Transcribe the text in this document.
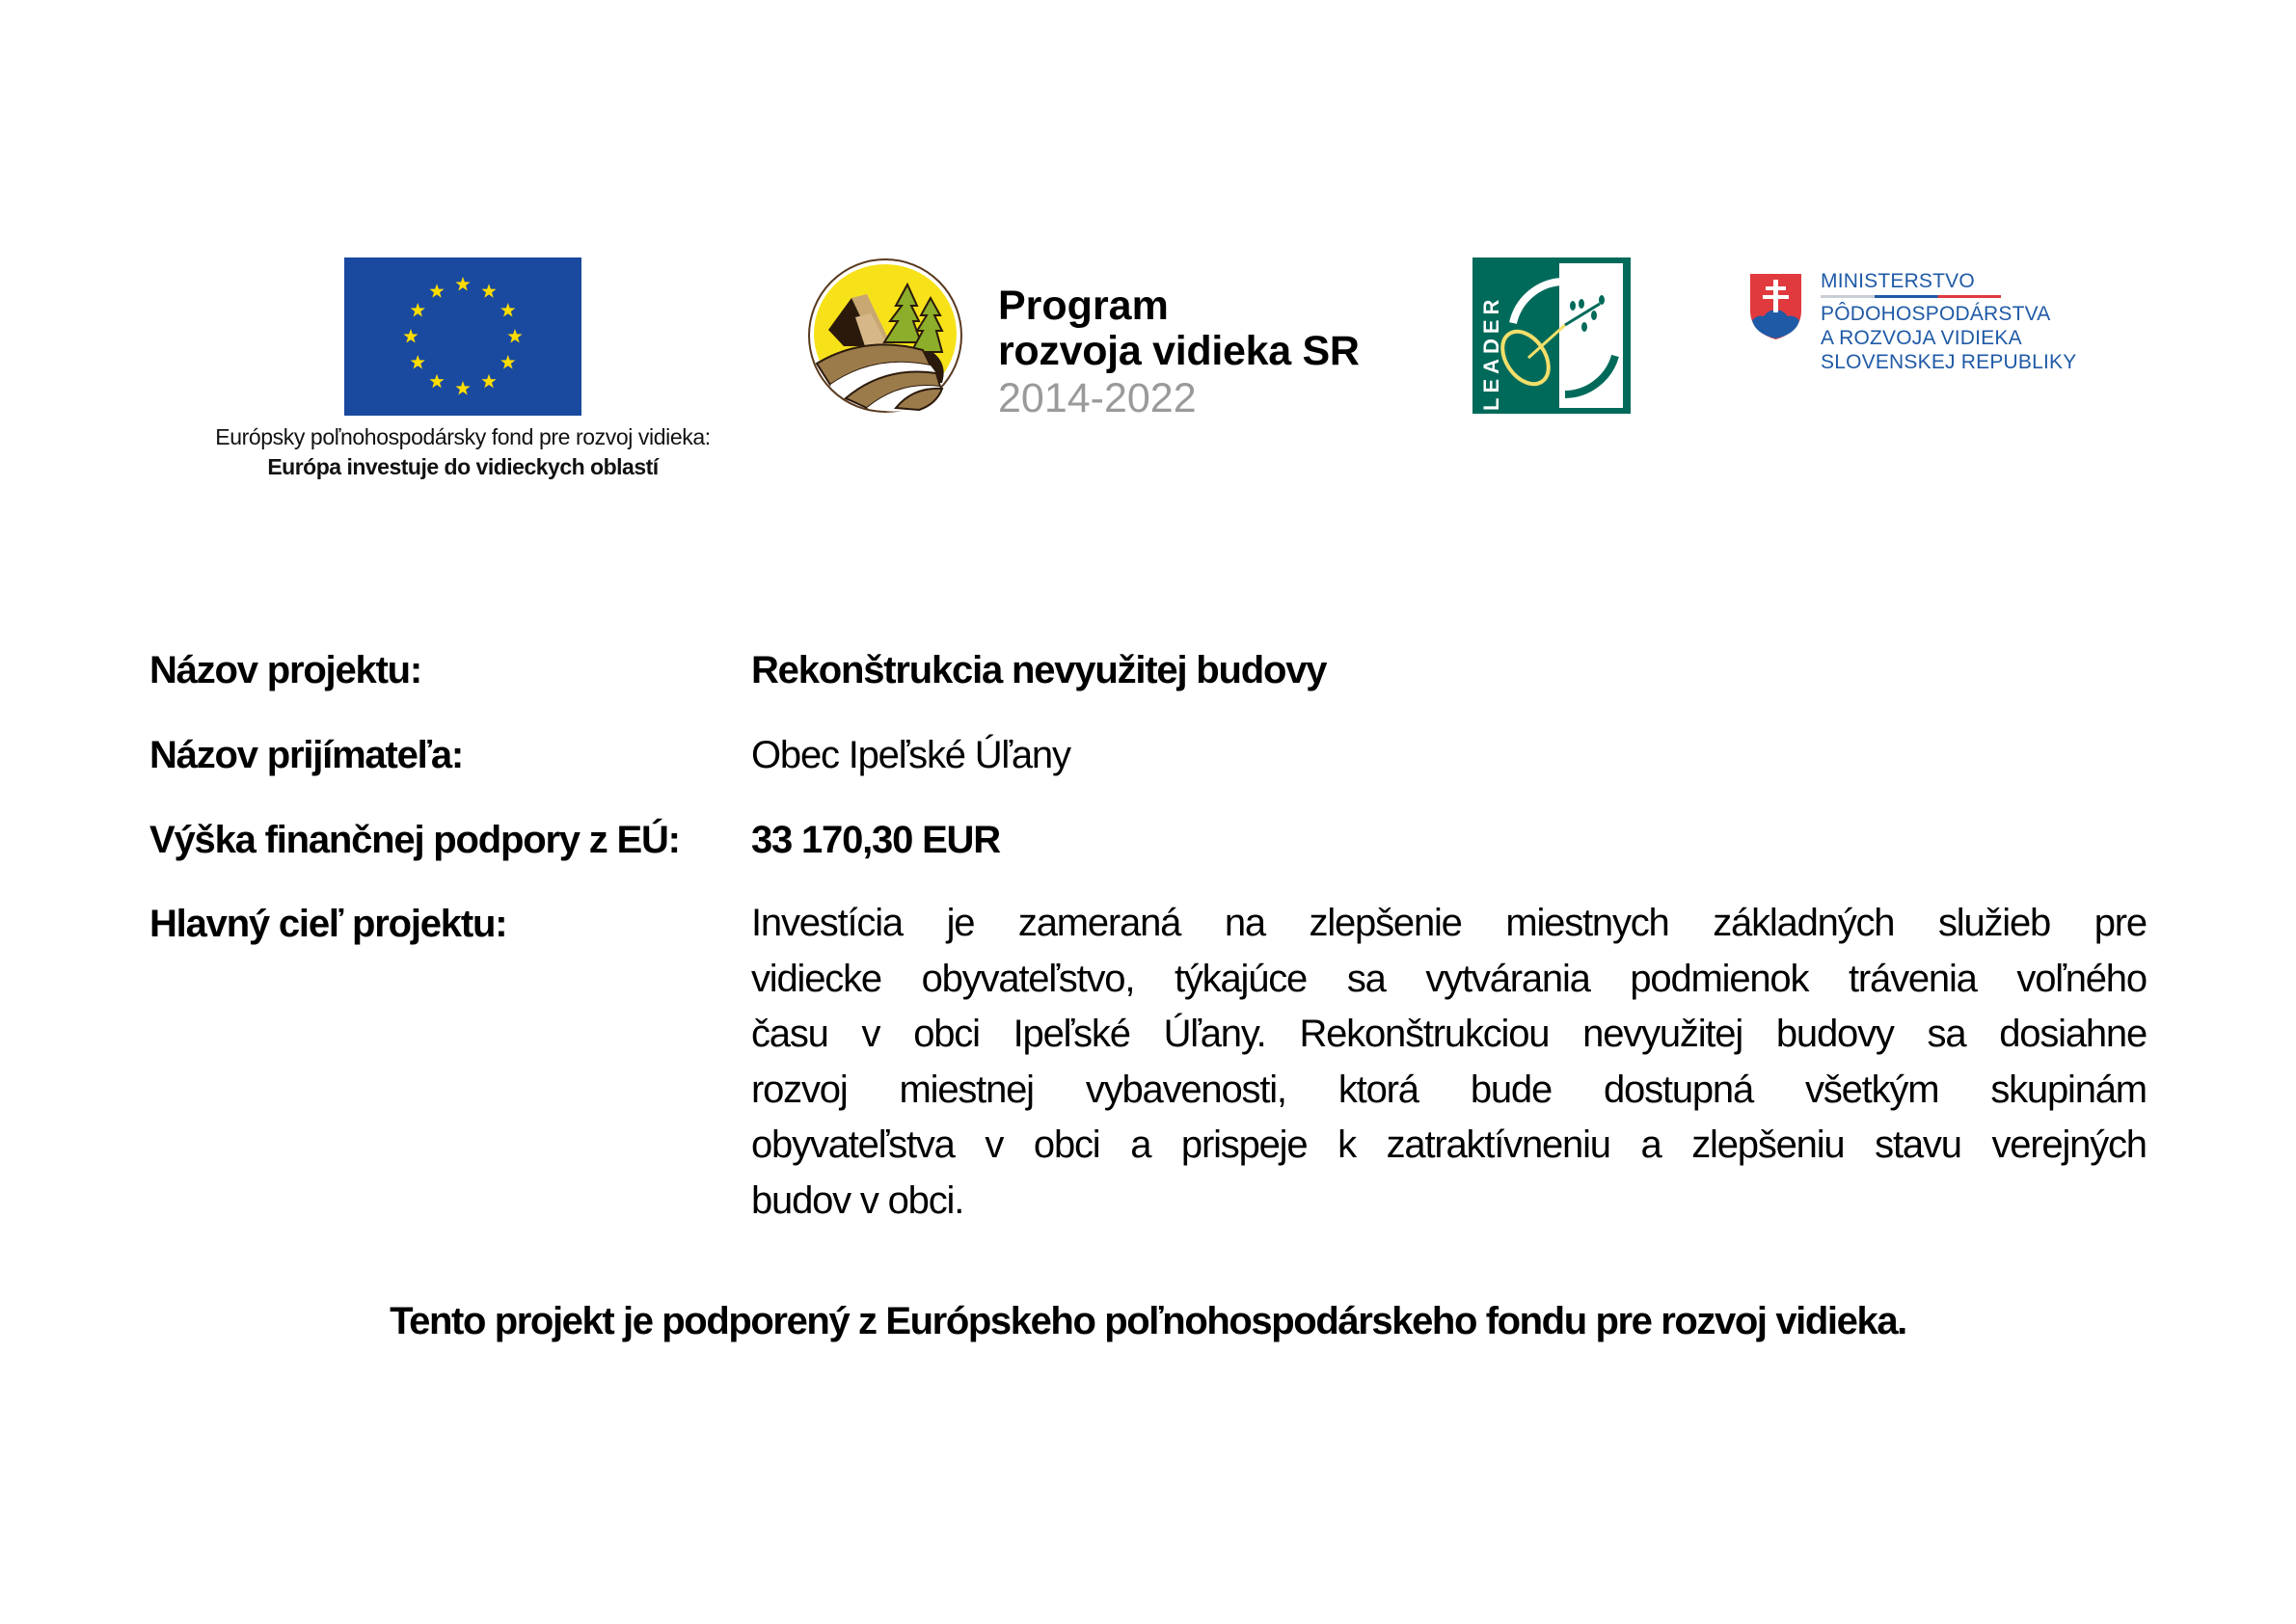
Európsky poľnohospodársky fond pre rozvoj vidieka:
Európa investuje do vidieckych oblastí
Program
rozvoja vidieka SR
2014-2022	LEADER
MINISTERSTVO
PÔDOHOSPODÁRSTVA
A ROZVOJA VIDIEKA
SLOVENSKEJ REPUBLIKY
Názov projektu:	Rekonštrukcia nevyužitej budovy
Názov prijímateľa:	Obec Ipeľské Úľany
Výška finančnej podpory z EÚ: 33 170,30 EUR
Hlavný cieľ projektu:	Investícia je zameraná na zlepšenie miestnych základných služieb pre
vidiecke obyvateľstvo, týkajúce sa vytvárania podmienok trávenia voľného
času v obci Ipeľské Úľany. Rekonštrukciou nevyužitej budovy sa dosiahne
rozvoj miestnej vybavenosti, ktorá bude dostupná všetkým skupinám
obyvateľstva v obci a prispeje k zatraktívneniu a zlepšeniu stavu verejných
budov v obci.
Tento projekt je podporený z Európskeho poľnohospodárskeho fondu pre rozvoj vidieka.
